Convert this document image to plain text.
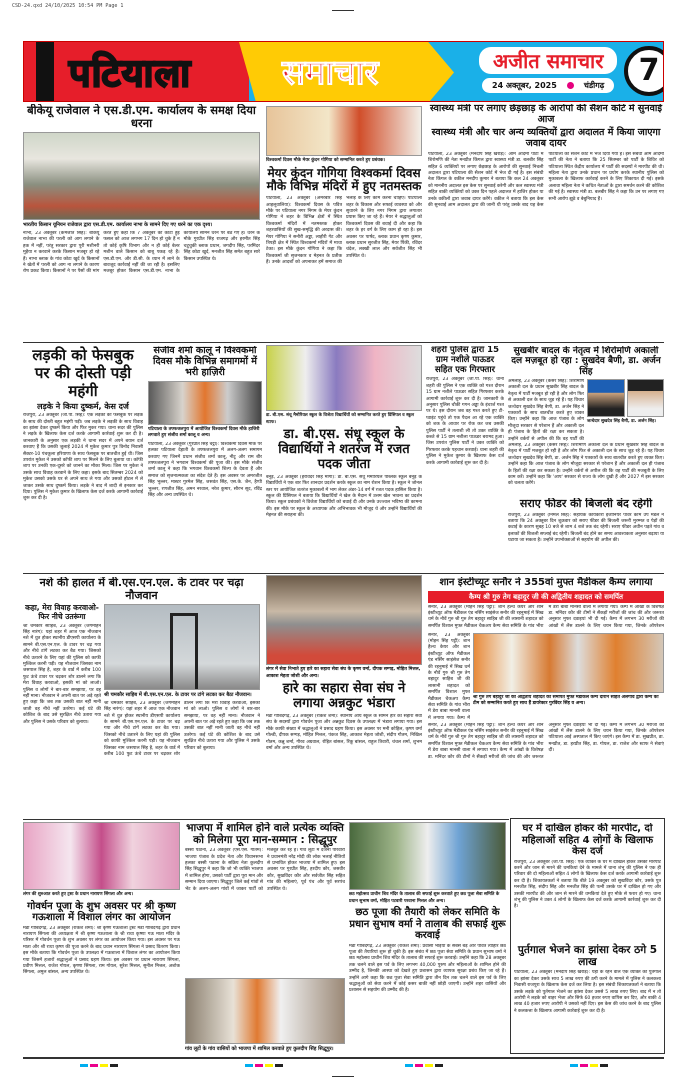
CSD-24.qxd 24/10/2025 10:54 PM Page 1
पटियाला	समाचार	अजीत समाचार
24 अक्तूबर, 2025	चंडीगढ़	7
बीकेयू राजेवाल ने एस.डी.एम. कार्यालय के समक्ष दिया धरना
भारतीय किसान यूनियन राजेवाल द्वारा एस.डी.एम. कार्यालय नाभा के सामने दिए गए धरने का एक दृश्य।
नाभा, 23 अक्तूबर (कर्मजीत सिंह): बीकेयू राजेवाल नाभा की परली को आग लगाने के हक में नहीं, परंतु सरकार द्वारा पूरी मशीनरी मुहैया न करवाने करके किसान मजबूर हो रहे हैं। नाभा ब्लाक के गांव कोटा खुर्द के किसानों ने खेतों में परली को आग ना लगाने के कारण रोष प्रकट किया। किसानों ने पर पैसों की मांग करते हुए कहा कि 7 अक्तूबर को काटी हुई फसल को आज लगभग 17 दिन हो चुके हैं न तो कोई कृषि विभाग और न ही कोई बेलर मशीन वाले किसान को बाबू पकड़ रहे हैं। एस.डी.एम. और डी.सी. के ध्यान में लाने के बावजूद कार्रवाई नहीं की जा रही है। इसलिए मजबूर होकर किसान एस.डी.एम. नाभा के कार्यालय सामने धरने पर बैठ गए हैं। धरने के मौके गुरप्रीत सिंह राजगढ़ और हरमीत सिंह चटुचुकी ब्लाक प्रधान, जगदीप सिंह, परमिंदर सिंह कोटा खुर्द, मनजीत सिंह समेत बहुत सारे किसान उपस्थित थे।
विश्वकर्मा दिवस मौके मेयर कुंदन गोगिया को सम्मानित करते हुए प्रबंधक।
मेयर कुंदन गोगिया विश्वकर्मा दिवस मौके विभिन्न मंदिरों में हुए नतमस्तक
पटियाला, 23 अक्तूबर (अमरबीर सिंह आहलूवालिया): विश्वकर्मा दिवस के पवित्र मौके पर पटियाला नगर निगम के मेयर कुंदन गोगिया ने शहर के विभिन्न क्षेत्रों में स्थित विश्वकर्मा मंदिरों में नतमस्तक होकर शहरवासियों की सुख-समृद्धि की अरदास की। मेयर गोगिया ने सनौरी अड्डा, लाहौरी गेट और त्रिपड़ी क्षेत्र में स्थित विश्वकर्मा मंदिरों में माथा टेका। इस मौके कुंदन गोगिया ने कहा कि विश्वकर्मा जी सृजनकार व मेहनत के प्रतीक हैं। उनके आदर्शों को अपनाकर हमें समाज की भलाई के लिए काम करना चाहिए। पटियाला शहर के विकास और सफाई व्यवस्था को और सुधारने के लिए नगर निगम द्वारा लगातार प्रयास किए जा रहे हैं। मेयर ने श्रद्धालुओं को विश्वकर्मा दिवस की बधाई दी और कहा कि शहर के हर वर्ग के लिए काम हो रहा है। इस अवसर पर पार्षद, ब्लाक प्रधान कृष्ण कुमार, ब्लाक प्रधान सुरजीत सिंह, मेयर पिंकी, रविंदर चंदेल, लक्खी लाल और सर्वजीत सिंह भी उपस्थित थे।
स्वास्थ्य मंत्री पर लगाए छेड़छाड़ के आरोपों की सैशन कोर्ट में सुनवाई आज
स्वास्थ्य मंत्री और चार अन्य व्यक्तियों द्वारा अदालत में किया जाएगा जवाब दायर
पटियाला, 23 अक्तूबर (मनदीप सिंह खरौड़): आम आदमी पार्टी में शिरोमणि की नेता मनप्रीत किंगल द्वारा स्वास्थ्य मंत्री डा. बलबीर सिंह सहित 6 व्यक्तियों पर लगाए छेड़छाड़ के आरोपों की सुनवाई निचली अदालत द्वारा पटियाला की सैशन कोर्ट में भेज दी गई है। इस संबंधी नेता किंगल के वकील मनदीप कुमार ने बताया कि कल 24 अक्तूबर को माननीय अदालत इस केस पर सुनवाई करेगी और कल स्वास्थ्य मंत्री सहित बाकी व्यक्तियों को उक्त दिन पहले अदालत में हाजिर होकर या उनके वकीलों द्वारा जवाब दायर करेंगे। वकील ने बताया कि इस केस की सुनवाई आम अदालत द्वारा की जानी थी परंतु उसके बाद यह केस पटियाला की सैशन कोर्ट में भेज दिया गया है। इस संबंधी आम आदमी पार्टी की नेता ने बताया कि 25 सितम्बर को पार्टी के शिविर को पटियाला स्थित केंद्रीय कार्यालय में पार्टी की सदस्यों ने मारपीट की थी। महिला नेता द्वारा उनके प्रधान पर प्रयोग करके स्थानीय पुलिस को मुकाबला के खिलाफ कार्रवाई करने के लिए शिकायत दी गई। इसके अलावा महिला नेता ने कथित नेताओं के द्वारा समर्थन करने की कोशिश की गई है। स्वास्थ्य मंत्री डा. बलबीर सिंह ने कहा कि उन पर लगाए गए सभी आरोप झूठे व बेबुनियाद हैं।
लड़की को फेसबुक पर की दोस्ती पड़ी महंगी
लड़के ने किया दुष्कर्म, केस दर्ज
राजपुरा, 23 अक्तूबर (जी.पी. सिंह): एक लड़की को फेसबुक पर लड़के के साथ की दोस्ती बहुत महंगी पड़ी। जब लड़के ने लड़की के साथ विवाह का झांसा देकर दुष्कर्म किया और फिर मुकर गया। थाना सदर की पुलिस ने लड़के के खिलाफ केस दर्ज करके आगामी कार्रवाई शुरू कर दी है। जानकारी के अनुसार एक लड़की ने थाना सदर में अपने बयान दर्ज करवाए हैं कि उसकी जुलाई 2024 में मुकेश कुमार पुत्र विनोद निवासी सैक्टर-10 पंचकूला हरियाणा के साथ फेसबुक पर बातचीत हुई थी। जिस उपरांत मुकेश ने उसको कॉफी शाप पर मिलने के लिए बुलाया था। कॉफी शाप पर उनकी एक-दूसरे को जानने का मौका मिला। जिस पर मुकेश ने उसके साथ विवाह करवाने के लिए कहा। इसके बाद सितम्बर 2024 को मुकेश उसको उसके घर से अपने साथ ले गया और उसको होटल में ले जाकर उसके साथ दुष्कर्म किया। लड़के ने बाद में शादी से इनकार कर दिया। पुलिस ने मुकेश कुमार के खिलाफ केस दर्ज करके आगामी कार्रवाई शुरू कर दी है।
संजीव शर्मा कालू ने विश्वकर्मा दिवस मौके विभिन्न समागमों में भरी हाज़िरी
पटियाला के तफ्फजलपुरा में आयोजित विश्वकर्मा दिवस मौके हाजिरी लगवाते हुए संजीव शर्मा कालू व अन्य।
पटियाला, 23 अक्तूबर (गुरप्रीत सिंह चट्ठा): विश्वकर्मा दिवस मौके पर हलका पटियाला देहाती के तफ्फजलपुरा में अलग-अलग समागम करवाए गए जिनमें प्रधान संजीव शर्मा कालू, नीटू और राम बीर तफ्फजलपुरा ने भगवान विश्वकर्मा की पूजा की। इस मौके संजीव शर्मा कालू ने कहा कि भगवान विश्वकर्मा शिल्प के देवता हैं और समाज को सृजनात्मकता का संदेश देते हैं। इस अवसर पर अमरजीत सिंह भुल्लर, मास्टर गुरमेल सिंह, जसवंत सिंह, एस.के. जैन, हैप्पी भुल्लर, रणजीत सिंह, अमन नरवाल, नरेश कुमार, सौरभ सूद, रविंद्र सिंह और अन्य उपस्थित थे।
डा. बी.एस. संधू मैमोरियल स्कूल के विजेता विद्यार्थियों को सम्मानित करते हुए प्रिंसिपल व स्कूल स्टाफ।
डा. बी.एस. संधू स्कूल के विद्यार्थियों ने शतरंज में रजत पदक जीता
बनूड़, 23 अक्तूबर (हरविंदर सिंह मौंगी): डा. बी.एस. संधू मैमोरियल पब्लिक स्कूल बनूड़ के विद्यार्थियों ने एक बार फिर शानदार प्रदर्शन करके स्कूल का नाम रोशन किया है। स्कूल ने जोनल स्तर पर आयोजित शतरंज मुकाबलों में भाग लेकर अंडर-14 वर्ग में रजत पदक हासिल किया है। स्कूल की प्रिंसिपल ने बताया कि विद्यार्थियों ने खेल के मैदान में उत्तम खेल भावना का प्रदर्शन किया। स्कूल प्रबंधकों ने विजेता विद्यार्थियों को बधाई दी और उनके उज्ज्वल भविष्य की कामना की। इस मौके पर स्कूल के अध्यापक और अभिभावक भी मौजूद थे और उन्होंने विद्यार्थियों की मेहनत की सराहना की।
शहरी पुलिस द्वारा 15 ग्राम नशीले पाऊडर सहित एक गिरफ्तार
राजपुरा, 23 अक्तूबर (जी.पी. सिंह): थाना शहरी की पुलिस ने एक व्यक्ति को गश्त दौरान 15 ग्राम नशीले पाऊडर सहित गिरफ्तार करके आगामी कार्रवाई शुरू कर दी है। जानकारी के अनुसार पुलिस चौकी गगन अड्डा के इंचार्ज गश्त पर थे। इस दौरान जब वह गश्त करते हुए टी-प्वाइंट पहुंचे तो एक पैदल आ रहे एक व्यक्ति को शक के आधार पर रोक कर जब उसकी पुलिस पार्टी ने तलाशी ली तो उक्त व्यक्ति के कब्जे से 15 ग्राम नशीला पाऊडर बरामद हुआ। जिस उपरांत पुलिस पार्टी ने उक्त व्यक्ति को गिरफ्तार करके पहचान करवाई। थाना शहरी की पुलिस ने मुकेश कुमार के खिलाफ केस दर्ज करके आगामी कार्रवाई शुरू कर दी है।
सुखबीर बादल के नेतृत्व में शिरोमणि अकाली दल मज़बूत हो रहा : सुखदेव बैणी, डा. अर्जन सिंह
अमलोह, 23 अक्तूबर (केसर सिंह): शिरोमणि अकाली दल के प्रधान सुखबीर सिंह बादल के नेतृत्व में पार्टी मजबूत हो रही है और लोग फिर से अकाली दल के साथ जुड़ रहे हैं। यह विचार जत्थेदार सुखदेव सिंह बैणी, डा. अर्जन सिंह ने पत्रकारों के साथ बातचीत करते हुए व्यक्त किए। उन्होंने कहा कि आज पंजाब के लोग मौजूदा सरकार से परेशान हैं और अकाली दल ही पंजाब के हितों की रक्षा कर सकता है। उन्होंने वर्करों से अपील की कि वह पार्टी की
जत्थेदार सुखदेव सिंह बैणी, डा. अर्जन सिंह।
अमलोह, 23 अक्तूबर (केसर सिंह): शिरोमणि अकाली दल के प्रधान सुखबीर सिंह बादल के नेतृत्व में पार्टी मजबूत हो रही है और लोग फिर से अकाली दल के साथ जुड़ रहे हैं। यह विचार जत्थेदार सुखदेव सिंह बैणी, डा. अर्जन सिंह ने पत्रकारों के साथ बातचीत करते हुए व्यक्त किए। उन्होंने कहा कि आज पंजाब के लोग मौजूदा सरकार से परेशान हैं और अकाली दल ही पंजाब के हितों की रक्षा कर सकता है। उन्होंने वर्करों से अपील की कि वह पार्टी की मजबूती के लिए काम करें। उन्होंने कहा कि 'आप' सरकार से राज्य के लोग दुखी हैं और 2027 में इस सरकार को चलता करेंगे।
सराए फीडर की बिजली बंद रहेगी
राजपुरा, 23 अक्तूबर (निर्मल सिंह): सहायक कार्यकारी इंजीनियर पावर कॉम उप मंडल ने बताया कि 24 अक्तूबर दिन शुक्रवार को सराए फीडर की बिजली जरूरी मुरम्मत व पेड़ों की कटाई के कारण सुबह 10 बजे से शाम 4 बजे तक बंद रहेगी। सराए फीडर अधीन पड़ते गांव व इलाकों की बिजली सप्लाई बंद रहेगी। बिजली बंद होने का समय आवश्यकता अनुसार बढ़ाया या घटाया जा सकता है। उन्होंने उपभोक्ताओं से सहयोग की अपील की।
नशे की हालत में बी.एस.एन.एल. के टावर पर चढ़ा नौजवान
कहा, मेरा विवाह करवाओ-फिर नीचे उतरूंगा
श्री चमकौर साहिब, 23 अक्तूबर (जगमोहन सिंह नारंग): यहां शहर में आज एक नौजवान नशे में धुत होकर स्थानीय डीएसपी कार्यालय के सामने बी.एस.एन.एल. के टावर पर चढ़ गया और नीचे टांगें लटका कर बैठ गया। जिसको नीचे उतारने के लिए यहां की पुलिस को काफी मुश्किल करनी पड़ी। यह नौजवान जिसका नाम जसपाल सिंह है, शहर के वार्ड में करीब 100 फुट ऊंचे टावर पर चढ़कर शोर डालने लगा कि मेरा विवाह करवाओ, इसकी मां को लाओ। पुलिस व लोगों ने बार-बार समझाया, पर वह नहीं माना। नौजवान ने अपनी बात पर अड़े रहते हुए कहा कि जब तक उसकी बात नहीं मानी जाती वह नीचे नहीं उतरेगा। कई घंटे की कोशिश के बाद उसे सुरक्षित नीचे उतारा गया और पुलिस ने उसके परिवार को बुलाया।
श्री चमकौर साहिब में बी.एस.एन.एल. के टावर पर टांगे लटका कर बैठा नौजवान।
श्री चमकौर साहिब, 23 अक्तूबर (जगमोहन सिंह नारंग): यहां शहर में आज एक नौजवान नशे में धुत होकर स्थानीय डीएसपी कार्यालय के सामने बी.एस.एन.एल. के टावर पर चढ़ गया और नीचे टांगें लटका कर बैठ गया। जिसको नीचे उतारने के लिए यहां की पुलिस को काफी मुश्किल करनी पड़ी। यह नौजवान जिसका नाम जसपाल सिंह है, शहर के वार्ड में करीब 100 फुट ऊंचे टावर पर चढ़कर शोर डालने लगा कि मेरा विवाह करवाओ, इसकी मां को लाओ। पुलिस व लोगों ने बार-बार समझाया, पर वह नहीं माना। नौजवान ने अपनी बात पर अड़े रहते हुए कहा कि जब तक उसकी बात नहीं मानी जाती वह नीचे नहीं उतरेगा। कई घंटे की कोशिश के बाद उसे सुरक्षित नीचे उतारा गया और पुलिस ने उसके परिवार को बुलाया।
लंगर में सेवा निभाते हुए हारे का सहारा सेवा संघ के कृष्ण वर्मा, दीपक सग्गड़, मोहित मित्तल, आकाश मेहता जोशी और अन्य।
हारे का सहारा सेवा संघ ने लगाया अन्नकुट भंडारा
मंडी गोबिंदगढ़, 23 अक्तूबर (राकेश शर्मा): स्थानीय आर्य स्कूल के सामने हारे का सहारा सेवा संघ के सदस्यों द्वारा गोवर्धन पूजा और अन्नकुट दिवस के उपलक्ष्य में भंडारा लगाया गया। इस मौके काफी संख्या में श्रद्धालुओं ने प्रसाद ग्रहण किया। इस अवसर पर मनी कोहिल, कृष्ण वर्मा गोल्डी, दीपक सग्गड़, मोहित मित्तल, पंकज सिंह, आकाश मेहता जोशी, संदीप गौतम, निखिल गौतम, कन्नु शर्मा, गौरव अग्रवाल, रोहित बांसल, रिंकू बांसल, राहुल तिवारी, चंचल शर्मा, शुभम वर्मा और अन्य उपस्थित थे।
शान इंस्टीच्यूट सनौर ने 355वां मुफ्त मैडीकल कैम्प लगाया
कैम्प श्री गुरु तेग बहादुर जी की अद्वितीय शहादत को समर्पित
सनौर, 23 अक्तूबर (मोहन सिंह पट्टी): शान हैल्थ केयर और शान इंस्टीच्यूट ऑफ मैडीकल एंड नर्सिंग साइंसेज सनौर की रहनुमाई में सिख धर्म के नौवें गुरु श्री गुरु तेग बहादुर साहिब जी की लासानी शहादत को समर्पित विशाल मुफ्त मैडीकल चैकअप कैम्प सेवा समिति के गांव भीरा में डेरा बाबा मानसी वाला में लगाया गया। कैम्प में आंखों के विशेषज्ञ डा. मनिंदर कौर की टीमों ने सैंकड़ों मरीजों की जांच की और जरूरत अनुसार मुफ्त दवाइयां भी दी गईं। कैम्प में लगभग 30 मरीजों की आंखों में लैंस डालने के लिए चयन किया गया, जिनके ऑपरेशन
सनौर, 23 अक्तूबर (मोहन सिंह पट्टी): शान हैल्थ केयर और शान इंस्टीच्यूट ऑफ मैडीकल एंड नर्सिंग साइंसेज सनौर की रहनुमाई में सिख धर्म के नौवें गुरु श्री गुरु तेग बहादुर साहिब जी की लासानी शहादत को समर्पित विशाल मुफ्त मैडीकल चैकअप कैम्प सेवा समिति के गांव भीरा में डेरा बाबा मानसी वाला में लगाया गया। कैम्प में
श्री गुरु तेग बहादुर जी की अद्वितीय शहादत को समर्पित मुफ्त मैडीकल कैम्प दौरान सहित अलगाव द्वारा कैम्प की टीम को सम्मानित करते हुए साथ हैं डायरेक्टर गुरविंदर सिंह व अन्य।
सनौर, 23 अक्तूबर (मोहन सिंह पट्टी): शान हैल्थ केयर और शान इंस्टीच्यूट ऑफ मैडीकल एंड नर्सिंग साइंसेज सनौर की रहनुमाई में सिख धर्म के नौवें गुरु श्री गुरु तेग बहादुर साहिब जी की लासानी शहादत को समर्पित विशाल मुफ्त मैडीकल चैकअप कैम्प सेवा समिति के गांव भीरा में डेरा बाबा मानसी वाला में लगाया गया। कैम्प में आंखों के विशेषज्ञ डा. मनिंदर कौर की टीमों ने सैंकड़ों मरीजों की जांच की और जरूरत अनुसार मुफ्त दवाइयां भी दी गईं। कैम्प में लगभग 30 मरीजों की आंखों में लैंस डालने के लिए चयन किया गया, जिनके ऑपरेशन पटियाला आई अस्पताल में किए जाएंगे। इस कैम्प में डा. सुखप्रीत, डा. मनप्रीत, डा. हरप्रीत सिंह, डा. गोयल, डा. राजेश और स्टाफ ने सेवाएं दीं।
लंगर की शुरुआत करते हुए ट्रस्ट के प्रधान नारायण सिंगला और अन्य।
गोवर्धन पूजा के शुभ अवसर पर श्री कृष्ण गऊशाला में विशाल लंगर का आयोजन
मंडी गोबिंदगढ़, 23 अक्तूबर (राकेश शर्मा): श्री कृष्ण गऊशाला ट्रस्ट मंडी गोबिंदगढ़ द्वारा प्रधान नारायण सिंगला की अध्यक्षता में श्री कृष्ण गऊशाला के श्री राधा कृष्णा गऊ माता मंदिर के परिसर में गोवर्धन पूजा के शुभ अवसर पर लंगर का आयोजन किया गया। इस अवसर पर गऊ माता और श्री राधा कृष्ण की पूजा करने के बाद प्रधान नारायण सिंगला ने प्रसाद वितरण किया। इस मौके बताया कि गोवर्धन पूजा के उपलक्ष्य में गऊशाला में विशाल लंगर का आयोजन किया गया जिसमें हजारों श्रद्धालुओं ने प्रसाद ग्रहण किया। इस अवसर पर प्रधान नारायण सिंगला, प्रवीण मित्तल, राजेश गोयल, कृष्णा सिंगला, राम गोयल, सुरेश मित्तल, सुनील मित्तल, अशोक सिंगला, अमुल बांसल, अन्य उपस्थित थे।
भाजपा में शामिल होने वाले प्रत्येक व्यक्ति को मिलेगा पूरा मान-सम्मान : सिद्धूपुर
बस्सी पठाना, 23 अक्तूबर (एस.एस. गौतम): भाजपा पंजाब के प्रदेश नेता और विधानसभा हलका बस्सी पठाना के सक्रिय नेता कुलदीप सिंह सिद्धूपुर ने कहा कि जो भी व्यक्ति भाजपा में शामिल होगा, उसको पार्टी द्वारा पूरा मान और सम्मान दिया जाएगा। सिद्धूपुर जिले कई गांवों से भेंट के अलग-अलग गांवों में जाकर पार्टी को मजबूत कर रहे हैं। गांव लूटों में दर्जनों परिवारों ने प्रधानमंत्री नरेंद्र मोदी की लोक भलाई नीतियों से प्रभावित होकर भाजपा में शामिल हुए। इस अवसर पर गुरप्रीत सिंह, हरदीप कौर, जसवीर कौर, सुखविंदर कौर और सर्वजीत सिंह सहित गांव की महिलाएं, पूर्व पंच और पूर्व सरपंच उपस्थित थे।
गांव लूटों के गांव वासियों को भाजपा में शामिल करवाते हुए कुलदीप सिंह सिद्धूपुर।
छठ महोत्सव प्राचीन शिव मंदिर के तालाब की सफाई शुरू करवाते हुए छठ पूजा सेवा समिति के प्रधान सुभाष वर्मा, मोहित पटवारी परवाना मित्तल और अन्य।
छठ पूजा की तैयारी को लेकर समिति के प्रधान सुभाष वर्मा ने तालाब की सफाई शुरू करवाई
मंडी गोबिंदगढ़, 23 अक्तूबर (राकेश शर्मा): प्रवासी भाइयों के सबसे बड़े और पवित्र त्यौहार छठ पूजा की तैयारियां शुरू हो चुकी हैं। इस संबंध में छठ पूजा सेवा समिति के प्रधान सुभाष वर्मा ने छठ महोत्सव प्राचीन शिव मंदिर के तालाब की सफाई शुरू करवाई। उन्होंने कहा कि 28 अक्तूबर तक चलने वाले इस पर्व के लिए लगभग 40,000 पुरुष और महिलाओं के शामिल होने की उम्मीद है, जिनकी आस्था को देखते हुए प्रशासन द्वारा व्यापक सुरक्षा प्रबंध किए जा रहे हैं। उन्होंने आगे कहा कि छठ पूजा सेवा समिति द्वारा तीन दिन तक चलने वाले इस पर्व के लिए श्रद्धालुओं को सेवा करने में कोई कसर बाकी नहीं छोड़ी जाएगी। उन्होंने शहर वासियों और प्रशासन से सहयोग की उम्मीद की है।
घर में दाखिल होकर की मारपीट, दो महिलाओं सहित 4 लोगों के खिलाफ केस दर्ज
राजपुरा, 23 अक्तूबर (जी.पी. सिंह): एक व्यक्ति के घर में दाखिल होकर उसकी मारपीट करने और जान से मारने की धमकियां देने के मामले में थाना शंभू की पुलिस ने एक ही परिवार की दो महिलाओं सहित 4 लोगों के खिलाफ केस दर्ज करके आगामी कार्रवाई शुरू कर दी है। शिकायतकर्ता ने बताया कि बीते 19 अक्तूबर को सुखविंदर कौर, उसके पुत्र मनजीत सिंह, संदीप सिंह और मनजीत सिंह की पत्नी उसके घर में दाखिल हो गए और उसकी मारपीट की और जान से मारने की धमकियां देते हुए मौके से फरार हो गए। थाना शंभू की पुलिस ने उक्त 4 लोगों के खिलाफ केस दर्ज करके आगामी कार्रवाई शुरू कर दी है।
पुर्तगाल भेजने का झांसा देकर ठगे 5 लाख
पटियाला, 23 अक्तूबर (मनदीप सिंह खरौड़): यहां के रहने वाले एक व्यक्ति को पुर्तगाल का झांसा देकर उसके साथ 5 लाख रुपए की ठगी करने के मामले में पुलिस ने कलकत्ता निवासी राजपुरा के खिलाफ केस दर्ज कर लिया है। इस संबंधी शिकायतकर्ता ने बताया कि उसके लड़के को पुर्तगाल भेजने का झांसा देकर उससे 5 लाख रुपए लिए। बाद में न तो आरोपी ने लड़के को बाहर भेजा और सिर्फ 60 हजार रुपए वापिस कर दिए, और बाकी 4 लाख 40 हजार रुपए आरोपी ने उसको नहीं दिए। इस केस की जांच करने के बाद पुलिस ने कलकत्ता के खिलाफ आगामी कार्रवाई शुरू कर दी है।
